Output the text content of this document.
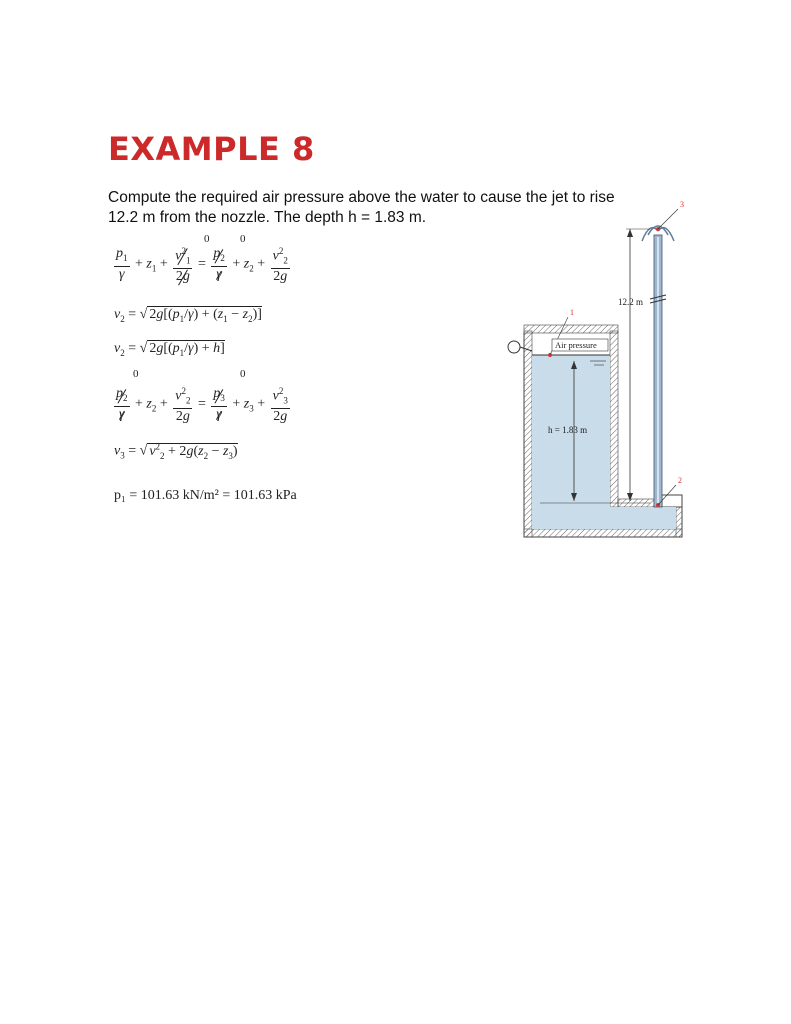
EXAMPLE 8
Compute the required air pressure above the water to cause the jet to rise
12.2 m from the nozzle. The depth h = 1.83 m.
$\frac{p_1}{\gamma} + z_1 + \frac{v^2_1}{2g} = \frac{p_2}{\gamma} + z_2 + \frac{v^2_2}{2g}$
0	0
$v_2$ = √ $2g[(p_1/\gamma) + (z_1 - z_2)]$
$v_2$ = √ $2g[(p_1/\gamma) + h]$
$\frac{p_2}{\gamma} + z_2 + \frac{v^2_2}{2g} = \frac{p_3}{\gamma} + z_3 + \frac{v^2_3}{2g}$
0	0
$v_3$ = √ $v^2_2 + 2g(z_2 - z_3)$
p₁ = 101.63 kN/m² = 101.63 kPa
12.2 m
h = 1.83 m
Air pressure
1
2
3
